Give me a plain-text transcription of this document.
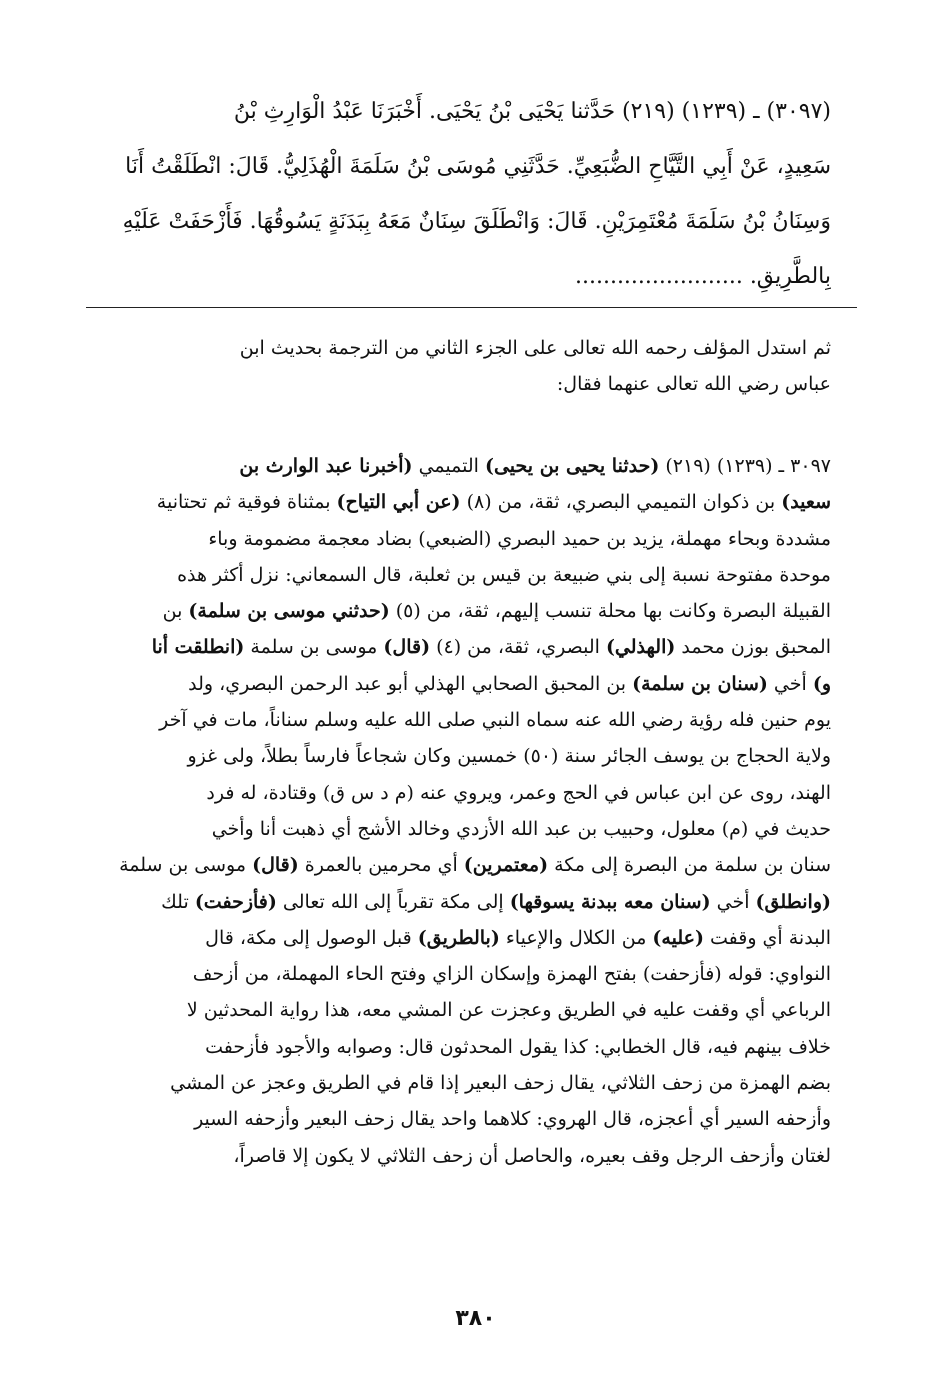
(٣٠٩٧) ـ (١٢٣٩) (٢١٩) حَدَّثنا يَحْيَى بْنُ يَحْيَى. أَخْبَرَنَا عَبْدُ الْوَارِثِ بْنُ
سَعِيدٍ، عَنْ أَبِي التَّيَّاحِ الضُّبَعِيِّ. حَدَّثَنِي مُوسَى بْنُ سَلَمَةَ الْهُذَلِيُّ. قَالَ: انْطَلَقْتُ أَنَا
وَسِنَانُ بْنُ سَلَمَةَ مُعْتَمِرَيْنِ. قَالَ: وَانْطَلَقَ سِنَانٌ مَعَهُ بِبَدَنَةٍ يَسُوقُهَا. فَأَزْحَفَتْ عَلَيْهِ
بِالطَّرِيقِ. ........................
ثم استدل المؤلف رحمه الله تعالى على الجزء الثاني من الترجمة بحديث ابن
عباس رضي الله تعالى عنهما فقال:
٣٠٩٧ ـ (١٢٣٩) (٢١٩) (حدثنا يحيى بن يحيى) التميمي (أخبرنا عبد الوارث بن
سعيد) بن ذكوان التميمي البصري، ثقة، من (٨) (عن أبي التياح) بمثناة فوقية ثم تحتانية
مشددة وبحاء مهملة، يزيد بن حميد البصري (الضبعي) بضاد معجمة مضمومة وباء
موحدة مفتوحة نسبة إلى بني ضبيعة بن قيس بن ثعلبة، قال السمعاني: نزل أكثر هذه
القبيلة البصرة وكانت بها محلة تنسب إليهم، ثقة، من (٥) (حدثني موسى بن سلمة) بن
المحبق بوزن محمد (الهذلي) البصري، ثقة، من (٤) (قال) موسى بن سلمة (انطلقت أنا
و) أخي (سنان بن سلمة) بن المحبق الصحابي الهذلي أبو عبد الرحمن البصري، ولد
يوم حنين فله رؤية رضي الله عنه سماه النبي صلى الله عليه وسلم سناناً، مات في آخر
ولاية الحجاج بن يوسف الجائر سنة (٥٠) خمسين وكان شجاعاً فارساً بطلاً، ولى غزو
الهند، روى عن ابن عباس في الحج وعمر، ويروي عنه (م د س ق) وقتادة، له فرد
حديث في (م) معلول، وحبيب بن عبد الله الأزدي وخالد الأشج أي ذهبت أنا وأخي
سنان بن سلمة من البصرة إلى مكة (معتمرين) أي محرمين بالعمرة (قال) موسى بن سلمة
(وانطلق) أخي (سنان معه ببدنة يسوقها) إلى مكة تقرباً إلى الله تعالى (فأزحفت) تلك
البدنة أي وقفت (عليه) من الكلال والإعياء (بالطريق) قبل الوصول إلى مكة، قال
النواوي: قوله (فأزحفت) بفتح الهمزة وإسكان الزاي وفتح الحاء المهملة، من أزحف
الرباعي أي وقفت عليه في الطريق وعجزت عن المشي معه، هذا رواية المحدثين لا
خلاف بينهم فيه، قال الخطابي: كذا يقول المحدثون قال: وصوابه والأجود فأزحفت
بضم الهمزة من زحف الثلاثي، يقال زحف البعير إذا قام في الطريق وعجز عن المشي
وأزحفه السير أي أعجزه، قال الهروي: كلاهما واحد يقال زحف البعير وأزحفه السير
لغتان وأزحف الرجل وقف بعيره، والحاصل أن زحف الثلاثي لا يكون إلا قاصراً،
٣٨٠
